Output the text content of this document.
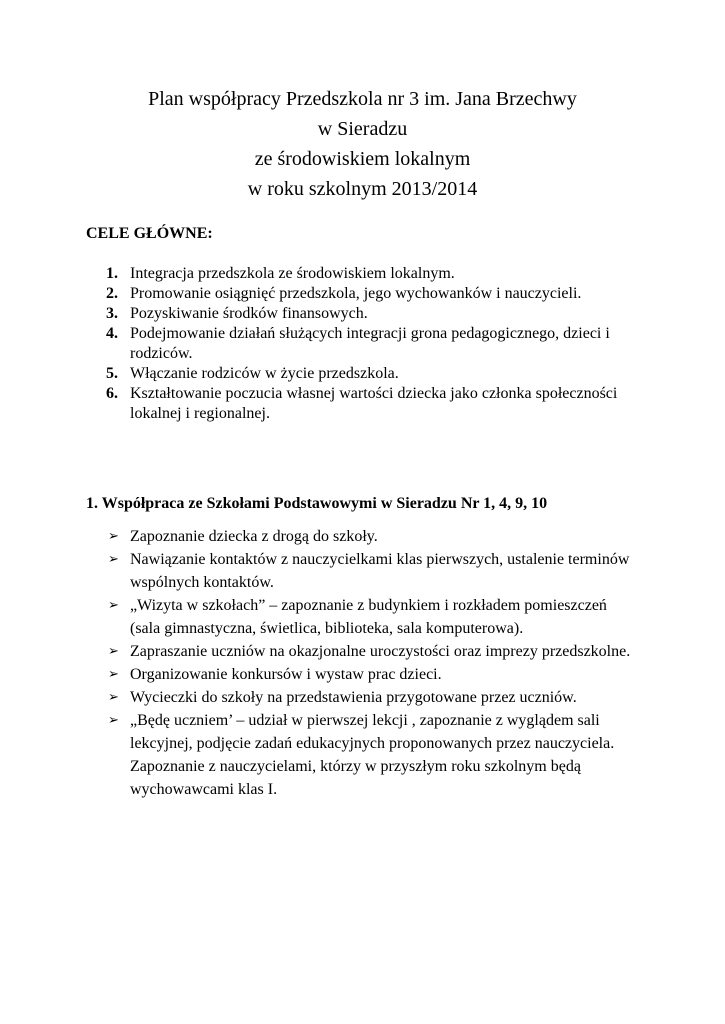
Plan współpracy Przedszkola nr 3 im. Jana Brzechwy
w Sieradzu
ze środowiskiem lokalnym
w roku szkolnym 2013/2014
CELE GŁÓWNE:
1. Integracja przedszkola ze środowiskiem lokalnym.
2. Promowanie osiągnięć przedszkola, jego wychowanków i nauczycieli.
3. Pozyskiwanie środków finansowych.
4. Podejmowanie działań służących integracji grona pedagogicznego, dzieci i rodziców.
5. Włączanie rodziców w życie przedszkola.
6. Kształtowanie poczucia własnej wartości dziecka jako członka społeczności lokalnej i regionalnej.
1. Współpraca ze Szkołami Podstawowymi w Sieradzu Nr 1, 4, 9, 10
➢ Zapoznanie dziecka z drogą do szkoły.
➢ Nawiązanie kontaktów z nauczycielkami klas pierwszych, ustalenie terminów wspólnych kontaktów.
➢ „Wizyta w szkołach” – zapoznanie z budynkiem i rozkładem pomieszczeń (sala gimnastyczna, świetlica, biblioteka, sala komputerowa).
➢ Zapraszanie uczniów na okazjonalne uroczystości oraz imprezy przedszkolne.
➢ Organizowanie konkursów i wystaw prac dzieci.
➢ Wycieczki do szkoły na przedstawienia przygotowane przez uczniów.
➢ „Będę uczniem’ – udział w pierwszej lekcji , zapoznanie z wyglądem sali lekcyjnej, podjęcie zadań edukacyjnych proponowanych przez nauczyciela. Zapoznanie z nauczycielami, którzy w przyszłym roku szkolnym będą wychowawcami klas I.
